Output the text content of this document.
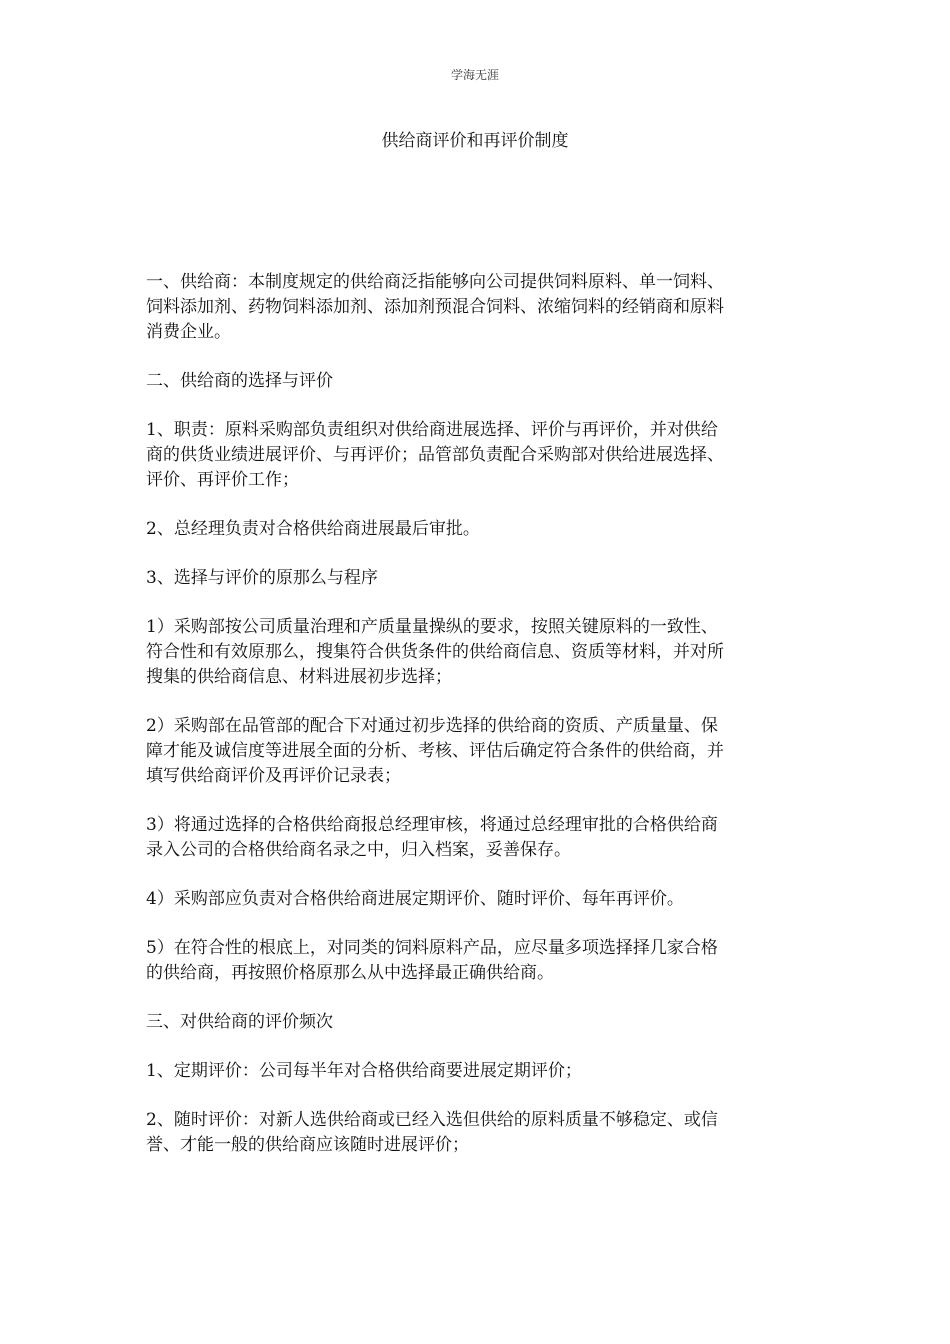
学海无涯
供给商评价和再评价制度

一、供给商：本制度规定的供给商泛指能够向公司提供饲料原料、单一饲料、
饲料添加剂、药物饲料添加剂、添加剂预混合饲料、浓缩饲料的经销商和原料
消费企业。

二、供给商的选择与评价

1、职责：原料采购部负责组织对供给商进展选择、评价与再评价，并对供给
商的供货业绩进展评价、与再评价；品管部负责配合采购部对供给进展选择、
评价、再评价工作；

2、总经理负责对合格供给商进展最后审批。

3、选择与评价的原那么与程序

1）采购部按公司质量治理和产质量量操纵的要求，按照关键原料的一致性、
符合性和有效原那么，搜集符合供货条件的供给商信息、资质等材料，并对所
搜集的供给商信息、材料进展初步选择；

2）采购部在品管部的配合下对通过初步选择的供给商的资质、产质量量、保
障才能及诚信度等进展全面的分析、考核、评估后确定符合条件的供给商，并
填写供给商评价及再评价记录表；

3）将通过选择的合格供给商报总经理审核，将通过总经理审批的合格供给商
录入公司的合格供给商名录之中，归入档案，妥善保存。

4）采购部应负责对合格供给商进展定期评价、随时评价、每年再评价。

5）在符合性的根底上，对同类的饲料原料产品，应尽量多项选择择几家合格
的供给商，再按照价格原那么从中选择最正确供给商。

三、对供给商的评价频次

1、定期评价：公司每半年对合格供给商要进展定期评价；

2、随时评价：对新人选供给商或已经入选但供给的原料质量不够稳定、或信
誉、才能一般的供给商应该随时进展评价；
